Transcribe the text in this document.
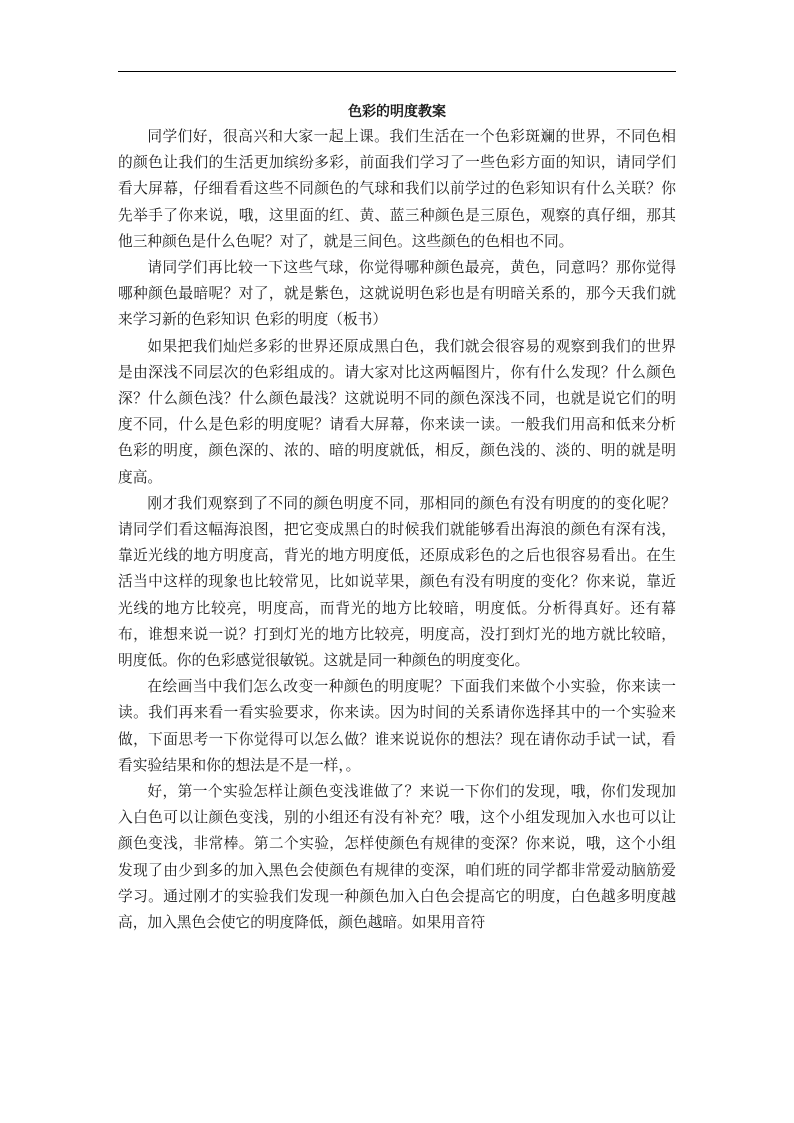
色彩的明度教案

同学们好，很高兴和大家一起上课。我们生活在一个色彩斑斓的世界，不同色相的颜色让我们的生活更加缤纷多彩，前面我们学习了一些色彩方面的知识，请同学们看大屏幕，仔细看看这些不同颜色的气球和我们以前学过的色彩知识有什么关联？你先举手了你来说，哦，这里面的红、黄、蓝三种颜色是三原色，观察的真仔细，那其他三种颜色是什么色呢？对了，就是三间色。这些颜色的色相也不同。

请同学们再比较一下这些气球，你觉得哪种颜色最亮，黄色，同意吗？那你觉得哪种颜色最暗呢？对了，就是紫色，这就说明色彩也是有明暗关系的，那今天我们就来学习新的色彩知识 色彩的明度（板书）

如果把我们灿烂多彩的世界还原成黑白色，我们就会很容易的观察到我们的世界是由深浅不同层次的色彩组成的。请大家对比这两幅图片，你有什么发现？什么颜色深？什么颜色浅？什么颜色最浅？这就说明不同的颜色深浅不同，也就是说它们的明度不同，什么是色彩的明度呢？请看大屏幕，你来读一读。一般我们用高和低来分析色彩的明度，颜色深的、浓的、暗的明度就低，相反，颜色浅的、淡的、明的就是明度高。

刚才我们观察到了不同的颜色明度不同，那相同的颜色有没有明度的的变化呢？请同学们看这幅海浪图，把它变成黑白的时候我们就能够看出海浪的颜色有深有浅，靠近光线的地方明度高，背光的地方明度低，还原成彩色的之后也很容易看出。在生活当中这样的现象也比较常见，比如说苹果，颜色有没有明度的变化？你来说，靠近光线的地方比较亮，明度高，而背光的地方比较暗，明度低。分析得真好。还有幕布，谁想来说一说？打到灯光的地方比较亮，明度高，没打到灯光的地方就比较暗，明度低。你的色彩感觉很敏锐。这就是同一种颜色的明度变化。

在绘画当中我们怎么改变一种颜色的明度呢？下面我们来做个小实验，你来读一读。我们再来看一看实验要求，你来读。因为时间的关系请你选择其中的一个实验来做，下面思考一下你觉得可以怎么做？谁来说说你的想法？现在请你动手试一试，看看实验结果和你的想法是不是一样，。

好，第一个实验怎样让颜色变浅谁做了？来说一下你们的发现，哦，你们发现加入白色可以让颜色变浅，别的小组还有没有补充？哦，这个小组发现加入水也可以让颜色变浅，非常棒。第二个实验，怎样使颜色有规律的变深？你来说，哦，这个小组发现了由少到多的加入黑色会使颜色有规律的变深，咱们班的同学都非常爱动脑筋爱学习。通过刚才的实验我们发现一种颜色加入白色会提高它的明度，白色越多明度越高，加入黑色会使它的明度降低，颜色越暗。如果用音符
